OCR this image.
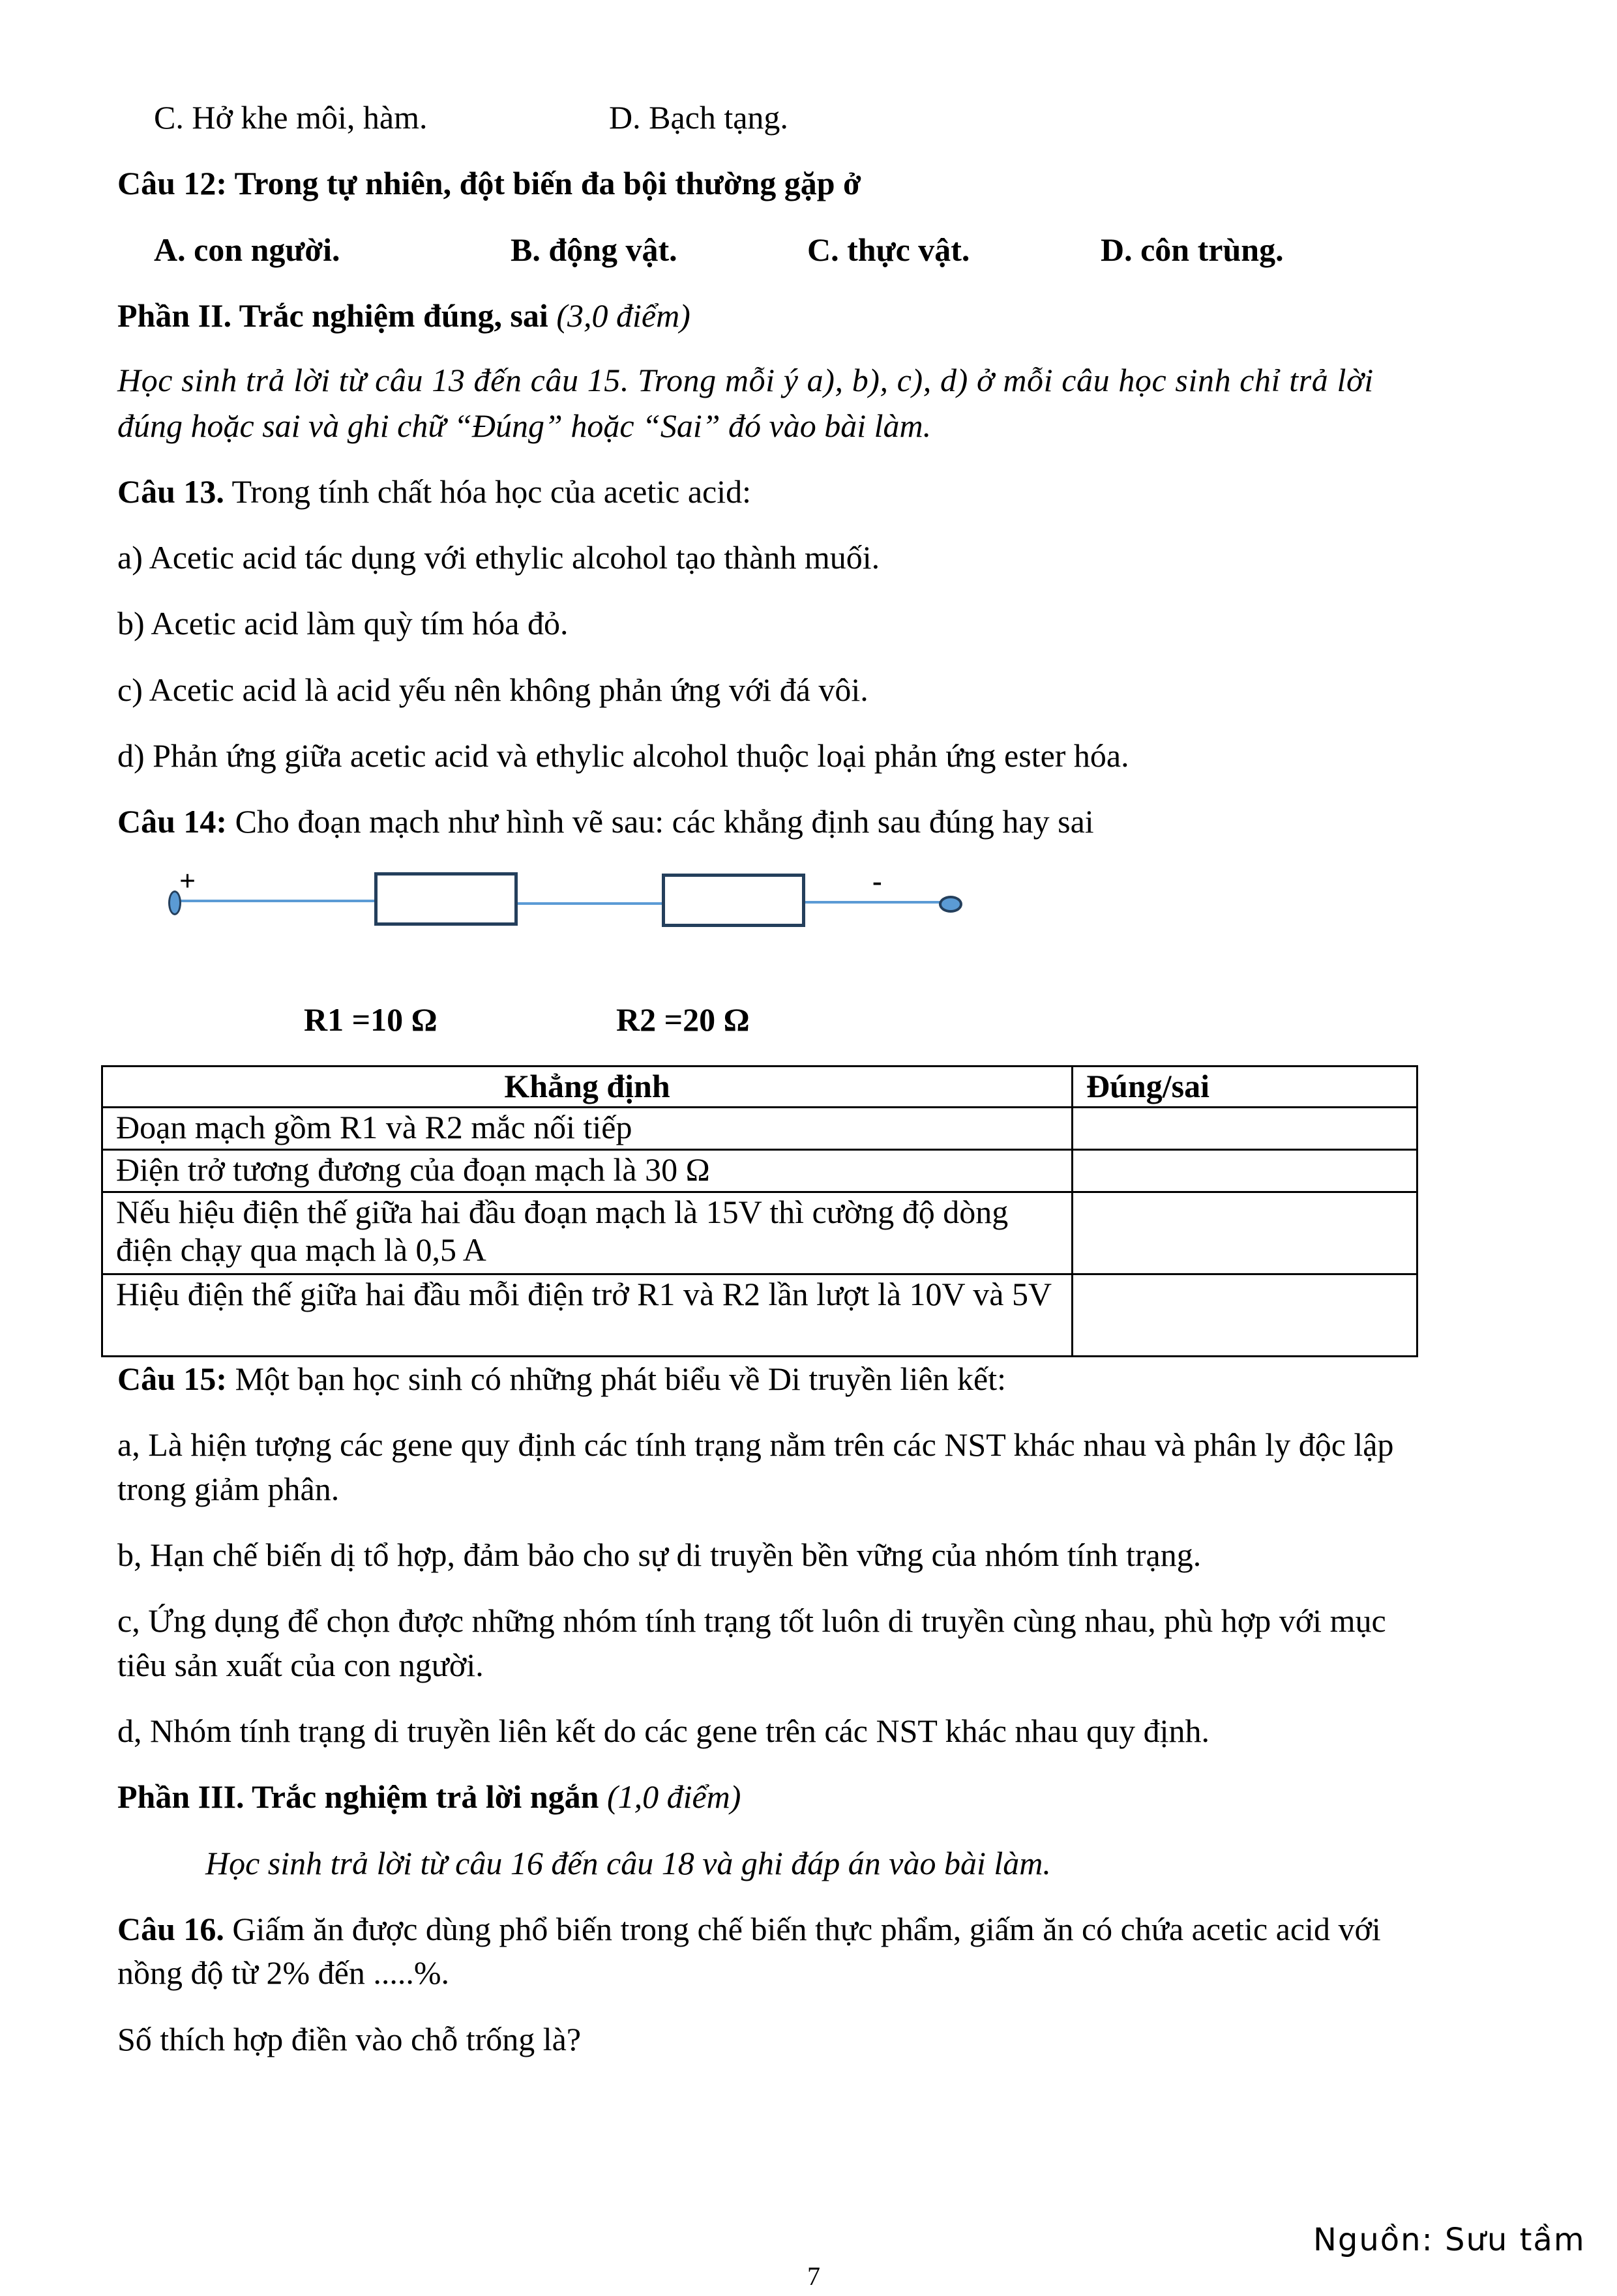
C. Hở khe môi, hàm.	D. Bạch tạng.
Câu 12: Trong tự nhiên, đột biến đa bội thường gặp ở
A. con người.	B. động vật.	C. thực vật.	D. côn trùng.
Phần II. Trắc nghiệm đúng, sai (3,0 điểm)
Học sinh trả lời từ câu 13 đến câu 15. Trong mỗi ý a), b), c), d) ở mỗi câu học sinh chỉ trả lời
đúng hoặc sai và ghi chữ “Đúng” hoặc “Sai” đó vào bài làm.
Câu 13. Trong tính chất hóa học của acetic acid:
a) Acetic acid tác dụng với ethylic alcohol tạo thành muối.
b) Acetic acid làm quỳ tím hóa đỏ.
c) Acetic acid là acid yếu nên không phản ứng với đá vôi.
d) Phản ứng giữa acetic acid và ethylic alcohol thuộc loại phản ứng ester hóa.
Câu 14: Cho đoạn mạch như hình vẽ sau: các khẳng định sau đúng hay sai
+	-
R1 =10 Ω	R2 =20 Ω
Khẳng định	Đúng/sai
Đoạn mạch gồm R1 và R2 mắc nối tiếp	
Điện trở tương đương của đoạn mạch là 30 Ω	
Nếu hiệu điện thế giữa hai đầu đoạn mạch là 15V thì cường độ dòng điện chạy qua mạch là 0,5 A	
Hiệu điện thế giữa hai đầu mỗi điện trở R1 và R2 lần lượt là 10V và 5V	
Câu 15: Một bạn học sinh có những phát biểu về Di truyền liên kết:
a, Là hiện tượng các gene quy định các tính trạng nằm trên các NST khác nhau và phân ly độc lập
trong giảm phân.
b, Hạn chế biến dị tổ hợp, đảm bảo cho sự di truyền bền vững của nhóm tính trạng.
c, Ứng dụng để chọn được những nhóm tính trạng tốt luôn di truyền cùng nhau, phù hợp với mục
tiêu sản xuất của con người.
d, Nhóm tính trạng di truyền liên kết do các gene trên các NST khác nhau quy định.
Phần III. Trắc nghiệm trả lời ngắn (1,0 điểm)
Học sinh trả lời từ câu 16 đến câu 18 và ghi đáp án vào bài làm.
Câu 16. Giấm ăn được dùng phổ biến trong chế biến thực phẩm, giấm ăn có chứa acetic acid với
nồng độ từ 2% đến .....%.
Số thích hợp điền vào chỗ trống là?
Nguồn: Sưu tầm
7
